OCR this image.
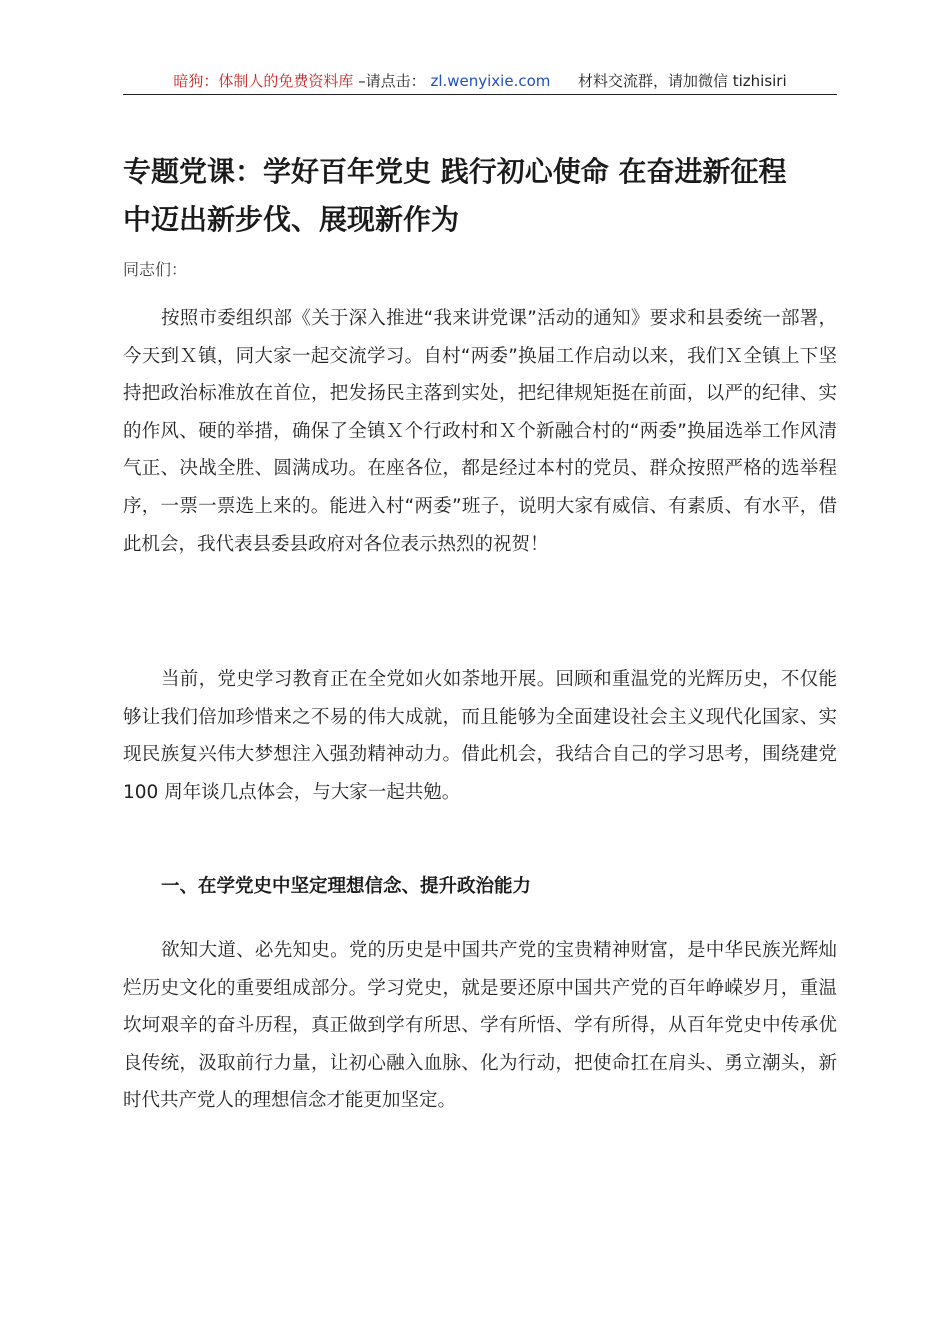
暗狗：体制人的免费资料库 –请点击： zl.wenyixie.com 材料交流群，请加微信 tizhisiri
专题党课：学好百年党史 践行初心使命 在奋进新征程
中迈出新步伐、展现新作为

同志们：

按照市委组织部《关于深入推进“我来讲党课”活动的通知》要求和县委统一部署，今天到Ｘ镇，同大家一起交流学习。自村“两委”换届工作启动以来，我们Ｘ全镇上下坚持把政治标准放在首位，把发扬民主落到实处，把纪律规矩挺在前面，以严的纪律、实的作风、硬的举措，确保了全镇Ｘ个行政村和Ｘ个新融合村的“两委”换届选举工作风清气正、决战全胜、圆满成功。在座各位，都是经过本村的党员、群众按照严格的选举程序，一票一票选上来的。能进入村“两委”班子，说明大家有威信、有素质、有水平，借此机会，我代表县委县政府对各位表示热烈的祝贺！

当前，党史学习教育正在全党如火如荼地开展。回顾和重温党的光辉历史，不仅能够让我们倍加珍惜来之不易的伟大成就，而且能够为全面建设社会主义现代化国家、实现民族复兴伟大梦想注入强劲精神动力。借此机会，我结合自己的学习思考，围绕建党 100 周年谈几点体会，与大家一起共勉。

一、在学党史中坚定理想信念、提升政治能力

欲知大道、必先知史。党的历史是中国共产党的宝贵精神财富，是中华民族光辉灿烂历史文化的重要组成部分。学习党史，就是要还原中国共产党的百年峥嵘岁月，重温坎坷艰辛的奋斗历程，真正做到学有所思、学有所悟、学有所得，从百年党史中传承优良传统，汲取前行力量，让初心融入血脉、化为行动，把使命扛在肩头、勇立潮头，新时代共产党人的理想信念才能更加坚定。
